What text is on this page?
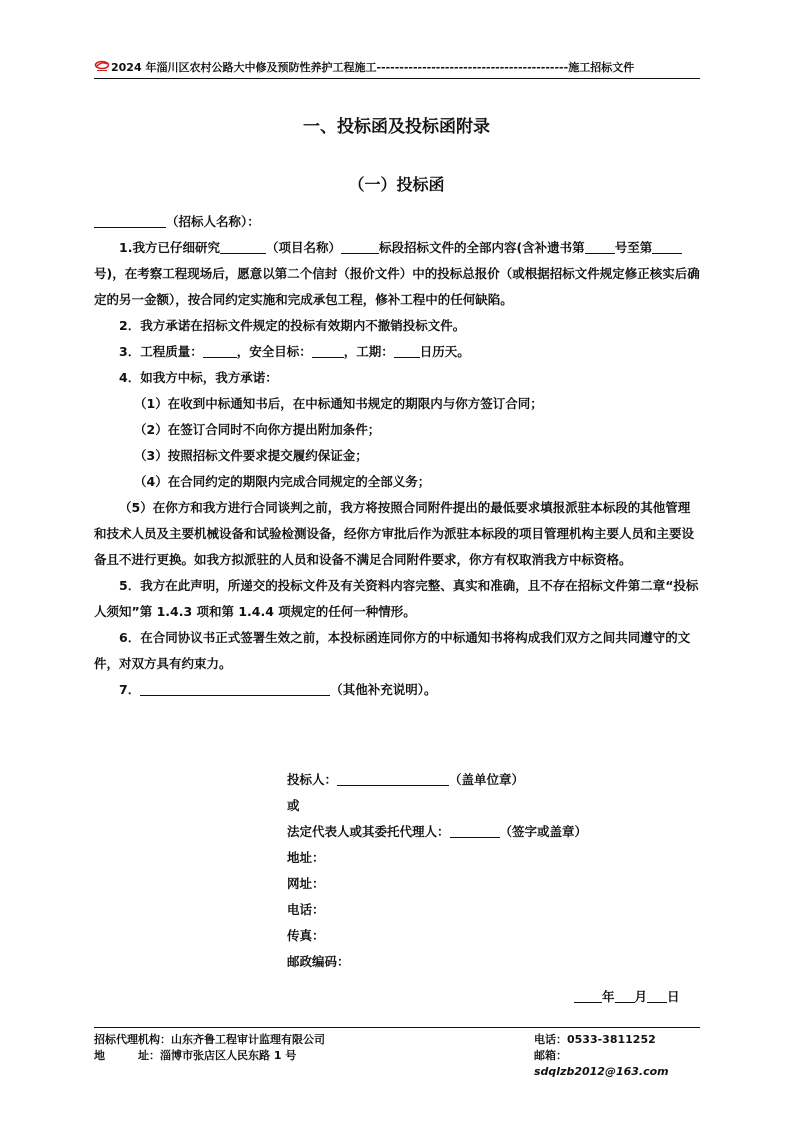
2024 年淄川区农村公路大中修及预防性养护工程施工------------------------------------------施工招标文件
一、投标函及投标函附录
（一）投标函

（招标人名称）：

1.我方已仔细研究	（项目名称）	标段招标文件的全部内容(含补遗书第 号至第号)，在考察工程现场后，愿意以第二个信封（报价文件）中的投标总报价（或根据招标文件规定修正核实后确定的另一金额），按合同约定实施和完成承包工程，修补工程中的任何缺陷。

2．我方承诺在招标文件规定的投标有效期内不撤销投标文件。

3．工程质量：	，安全目标：	，工期： 日历天。

4．如我方中标，我方承诺：

（1）在收到中标通知书后，在中标通知书规定的期限内与你方签订合同；

（2）在签订合同时不向你方提出附加条件；

（3）按照招标文件要求提交履约保证金；

（4）在合同约定的期限内完成合同规定的全部义务；

（5）在你方和我方进行合同谈判之前，我方将按照合同附件提出的最低要求填报派驻本标段的其他管理和技术人员及主要机械设备和试验检测设备，经你方审批后作为派驻本标段的项目管理机构主要人员和主要设备且不进行更换。如我方拟派驻的人员和设备不满足合同附件要求，你方有权取消我方中标资格。

5．我方在此声明，所递交的投标文件及有关资料内容完整、真实和准确，且不存在招标文件第二章“投标人须知”第 1.4.3 项和第 1.4.4 项规定的任何一种情形。

6．在合同协议书正式签署生效之前，本投标函连同你方的中标通知书将构成我们双方之间共同遵守的文件，对双方具有约束力。

7．	（其他补充说明）。

投标人：	（盖单位章）
或
法定代表人或其委托代理人：	（签字或盖章）
地址：
网址：
电话：
传真：
邮政编码：
年 月 日
招标代理机构：山东齐鲁工程审计监理有限公司	电话：0533-3811252
地　　　址：淄博市张店区人民东路 1 号	邮箱：sdqlzb2012@163.com
